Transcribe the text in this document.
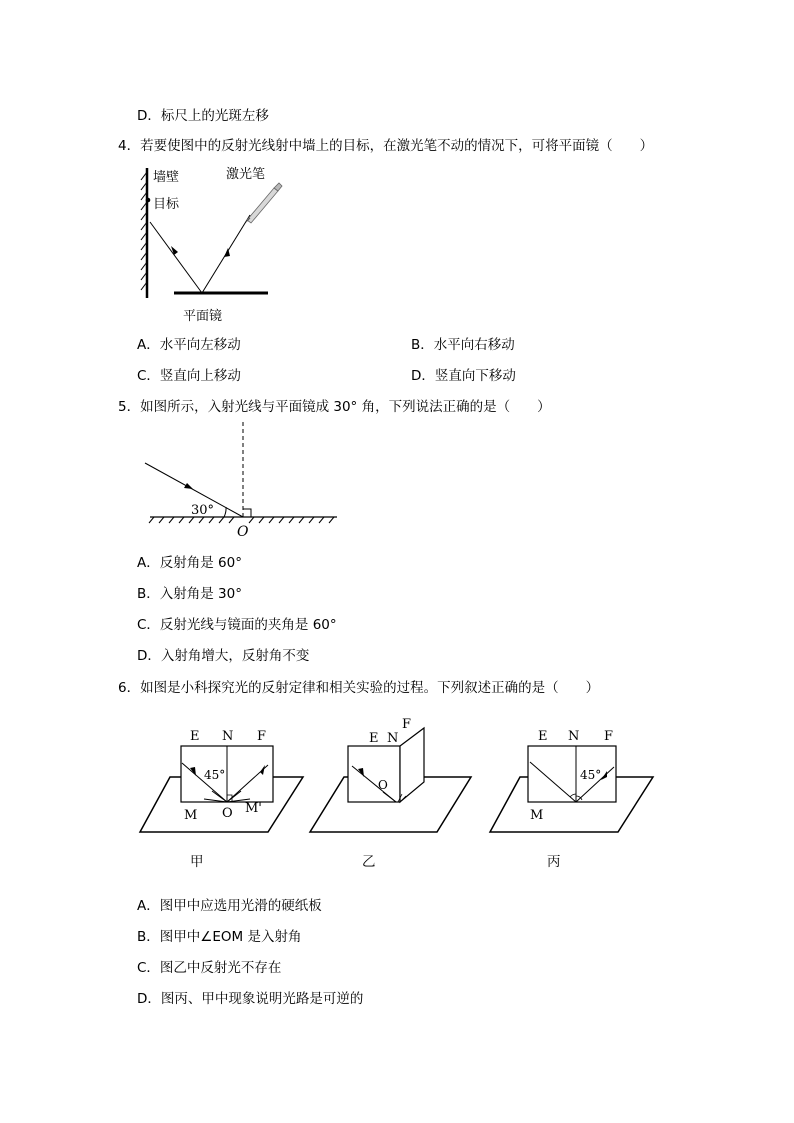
D．标尺上的光斑左移
4．若要使图中的反射光线射中墙上的目标，在激光笔不动的情况下，可将平面镜（　　）
墙壁
目标
激光笔
平面镜
A．水平向左移动	B．水平向右移动
C．竖直向上移动	D．竖直向下移动
5．如图所示，入射光线与平面镜成 30° 角，下列说法正确的是（　　）
30°
O
A．反射角是 60°
B．入射角是 30°
C．反射光线与镜面的夹角是 60°
D．入射角增大，反射角不变
6．如图是小科探究光的反射定律和相关实验的过程。下列叙述正确的是（　　）
E N F
45°
O
M	M'
甲
E N
F
O
乙
E N F
45°
M
丙
A．图甲中应选用光滑的硬纸板
B．图甲中∠EOM 是入射角
C．图乙中反射光不存在
D．图丙、甲中现象说明光路是可逆的
